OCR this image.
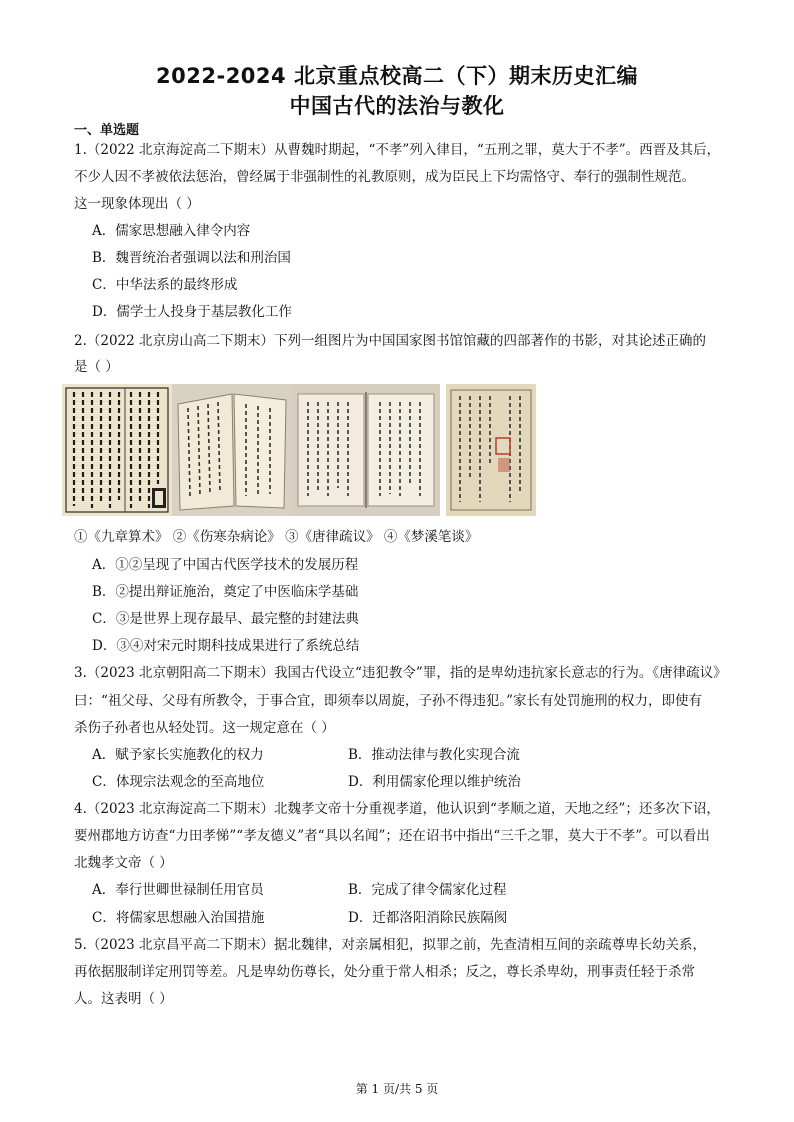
2022-2024 北京重点校高二（下）期末历史汇编
中国古代的法治与教化
一、单选题
1.（2022 北京海淀高二下期末）从曹魏时期起，“不孝”列入律目，“五刑之罪，莫大于不孝”。西晋及其后，
不少人因不孝被依法惩治，曾经属于非强制性的礼教原则，成为臣民上下均需恪守、奉行的强制性规范。
这一现象体现出（ ）
A．儒家思想融入律令内容
B．魏晋统治者强调以法和刑治国
C．中华法系的最终形成
D．儒学士人投身于基层教化工作
2.（2022 北京房山高二下期末）下列一组图片为中国国家图书馆馆藏的四部著作的书影，对其论述正确的
是（ ）
①《九章算术》 ②《伤寒杂病论》 ③《唐律疏议》 ④《梦溪笔谈》
A．①②呈现了中国古代医学技术的发展历程
B．②提出辩证施治，奠定了中医临床学基础
C．③是世界上现存最早、最完整的封建法典
D．③④对宋元时期科技成果进行了系统总结
3.（2023 北京朝阳高二下期末）我国古代设立“违犯教令”罪，指的是卑幼违抗家长意志的行为。《唐律疏议》
曰：“祖父母、父母有所教令，于事合宜，即须奉以周旋，子孙不得违犯。”家长有处罚施刑的权力，即使有
杀伤子孙者也从轻处罚。这一规定意在（ ）
A．赋予家长实施教化的权力	B．推动法律与教化实现合流
C．体现宗法观念的至高地位	D．利用儒家伦理以维护统治
4.（2023 北京海淀高二下期末）北魏孝文帝十分重视孝道，他认识到“孝顺之道，天地之经”；还多次下诏，
要州郡地方访查“力田孝悌”“孝友德义”者“具以名闻”；还在诏书中指出“三千之罪，莫大于不孝”。可以看出
北魏孝文帝（ ）
A．奉行世卿世禄制任用官员	B．完成了律令儒家化过程
C．将儒家思想融入治国措施	D．迁都洛阳消除民族隔阂
5.（2023 北京昌平高二下期末）据北魏律，对亲属相犯，拟罪之前，先查清相互间的亲疏尊卑长幼关系，
再依据服制详定刑罚等差。凡是卑幼伤尊长，处分重于常人相杀；反之，尊长杀卑幼，刑事责任轻于杀常
人。这表明（ ）
第 1 页/共 5 页
